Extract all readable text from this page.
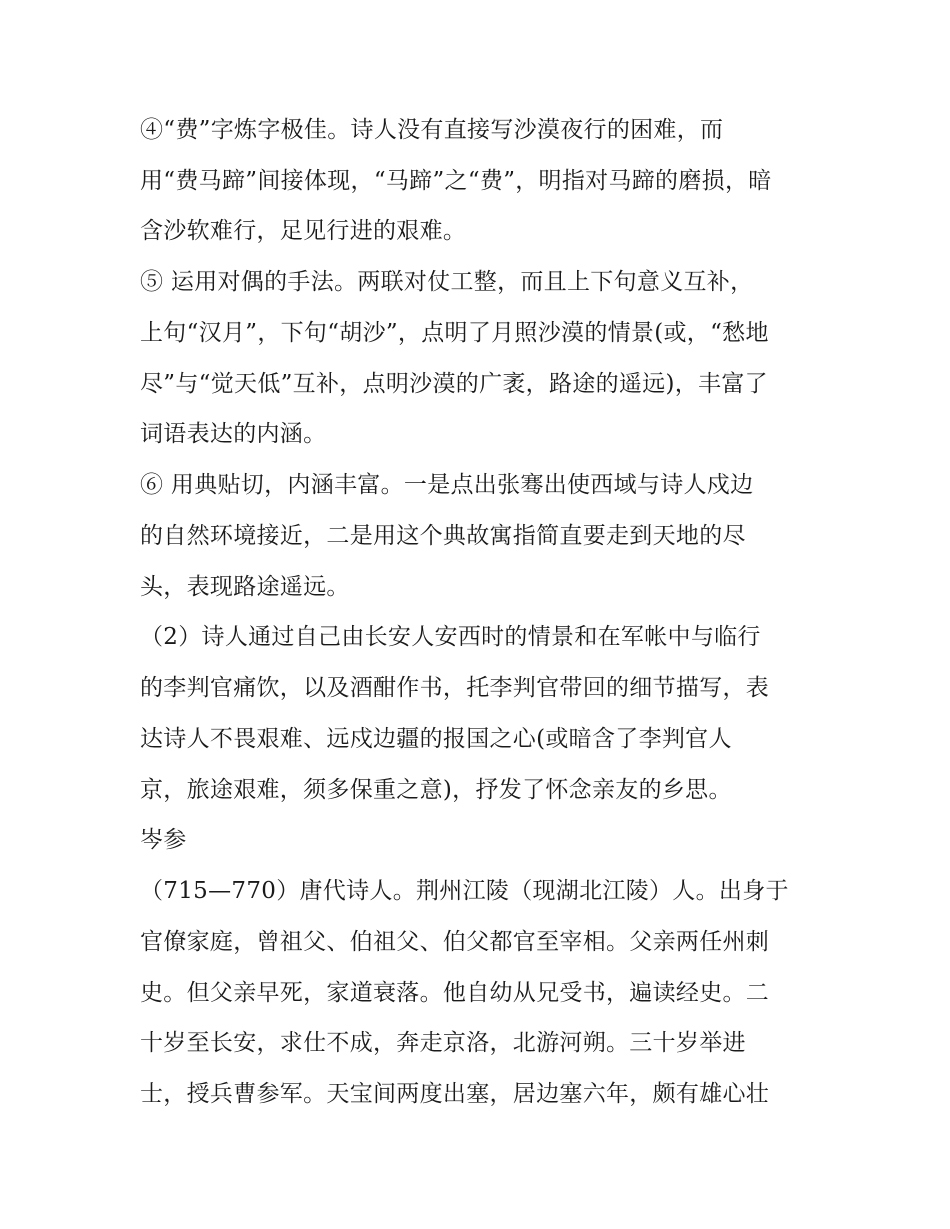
④“费”字炼字极佳。诗人没有直接写沙漠夜行的困难，而
用“费马蹄”间接体现，“马蹄”之“费”，明指对马蹄的磨损，暗
含沙软难行，足见行进的艰难。
⑤ 运用对偶的手法。两联对仗工整，而且上下句意义互补，
上句“汉月”，下句“胡沙”，点明了月照沙漠的情景(或，“愁地
尽”与“觉天低”互补，点明沙漠的广袤，路途的遥远)，丰富了
词语表达的内涵。
⑥ 用典贴切，内涵丰富。一是点出张骞出使西域与诗人戍边
的自然环境接近，二是用这个典故寓指简直要走到天地的尽
头，表现路途遥远。
（2）诗人通过自己由长安人安西时的情景和在军帐中与临行
的李判官痛饮，以及酒酣作书，托李判官带回的细节描写，表
达诗人不畏艰难、远戍边疆的报国之心(或暗含了李判官人
京，旅途艰难，须多保重之意)，抒发了怀念亲友的乡思。
岑参
（715—770）唐代诗人。荆州江陵（现湖北江陵）人。出身于
官僚家庭，曾祖父、伯祖父、伯父都官至宰相。父亲两任州刺
史。但父亲早死，家道衰落。他自幼从兄受书，遍读经史。二
十岁至长安，求仕不成，奔走京洛，北游河朔。三十岁举进
士，授兵曹参军。天宝间两度出塞，居边塞六年，颇有雄心壮
